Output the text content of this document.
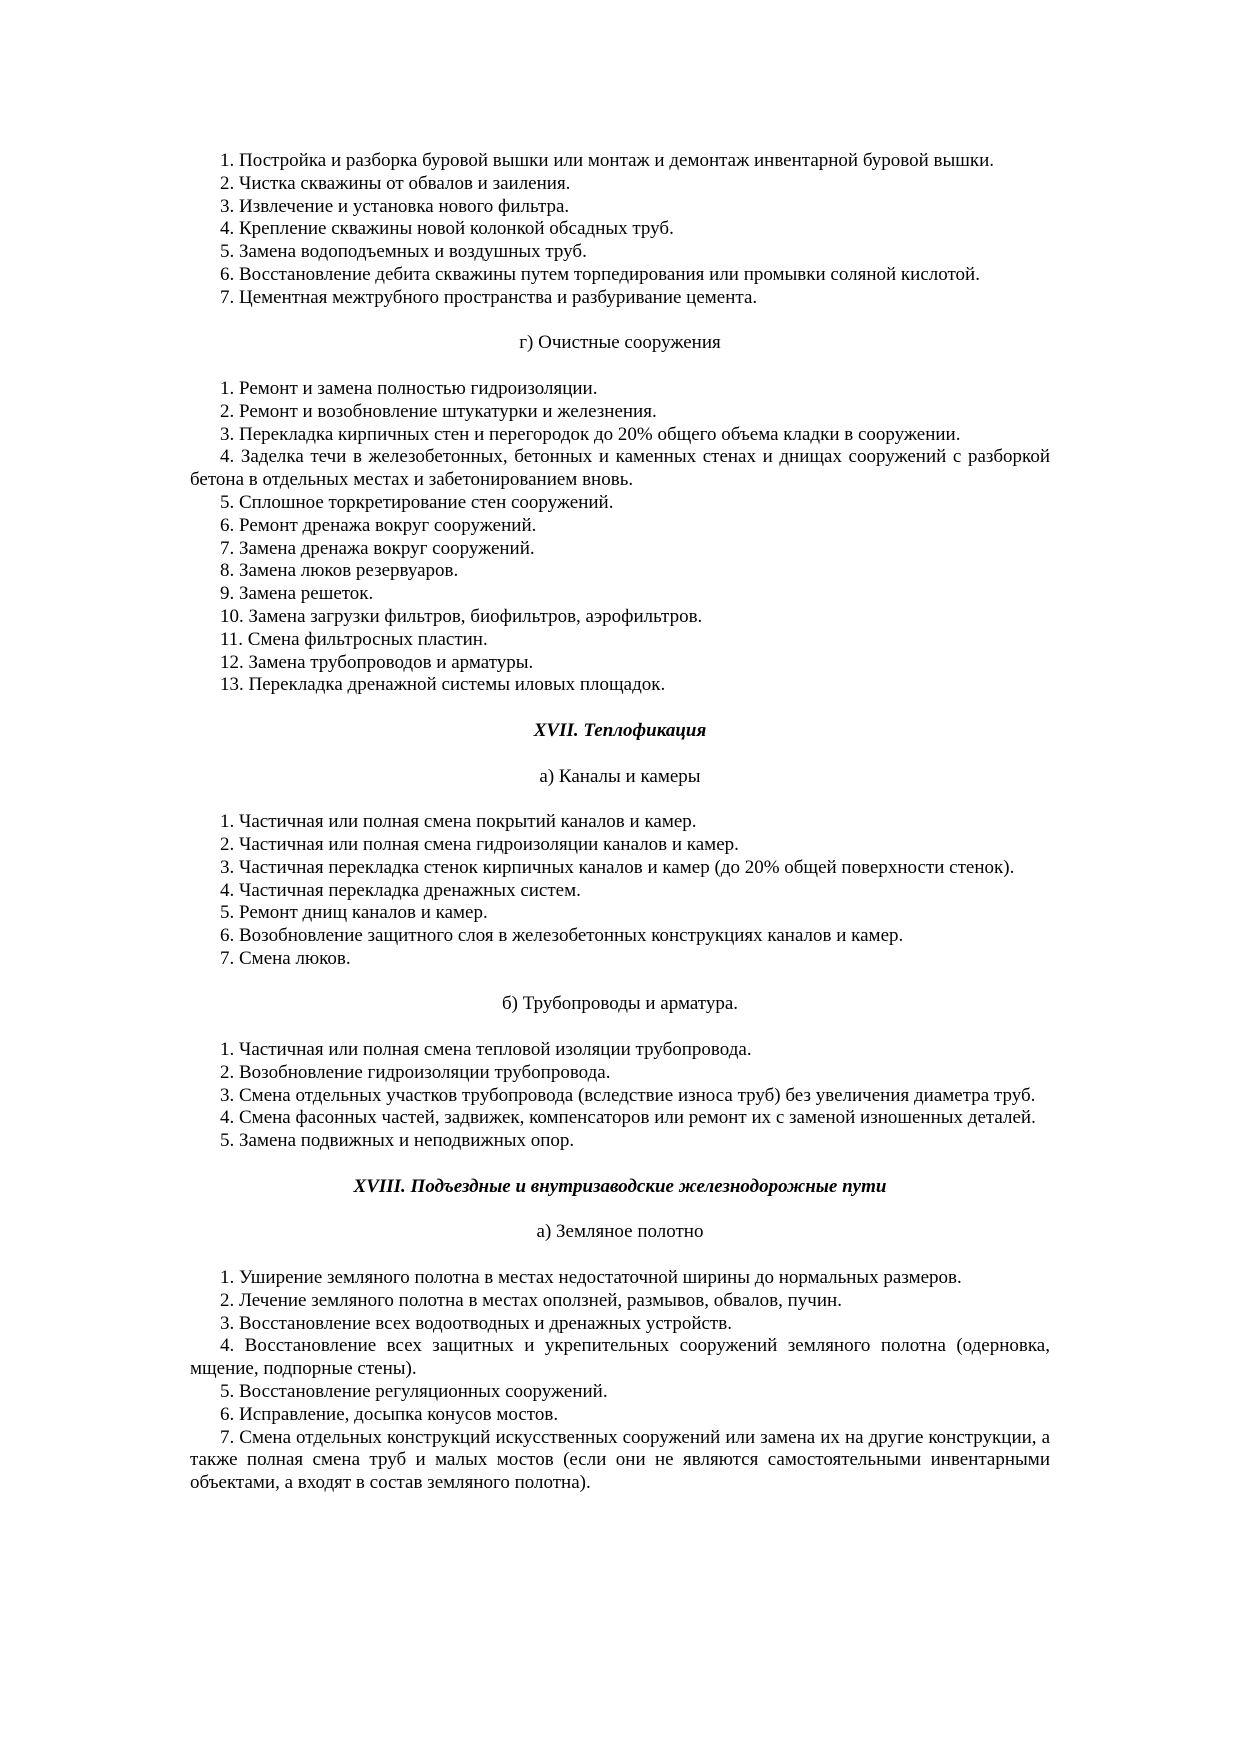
1. Постройка и разборка буровой вышки или монтаж и демонтаж инвентарной буровой вышки.

2. Чистка скважины от обвалов и заиления.

3. Извлечение и установка нового фильтра.

4. Крепление скважины новой колонкой обсадных труб.

5. Замена водоподъемных и воздушных труб.

6. Восстановление дебита скважины путем торпедирования или промывки соляной кислотой.

7. Цементная межтрубного пространства и разбуривание цемента.

г) Очистные сооружения

1. Ремонт и замена полностью гидроизоляции.

2. Ремонт и возобновление штукатурки и железнения.

3. Перекладка кирпичных стен и перегородок до 20% общего объема кладки в сооружении.

4. Заделка течи в железобетонных, бетонных и каменных стенах и днищах сооружений с разборкой бетона в отдельных местах и забетонированием вновь.

5. Сплошное торкретирование стен сооружений.

6. Ремонт дренажа вокруг сооружений.

7. Замена дренажа вокруг сооружений.

8. Замена люков резервуаров.

9. Замена решеток.

10. Замена загрузки фильтров, биофильтров, аэрофильтров.

11. Смена фильтросных пластин.

12. Замена трубопроводов и арматуры.

13. Перекладка дренажной системы иловых площадок.

XVII. Теплофикация

а) Каналы и камеры

1. Частичная или полная смена покрытий каналов и камер.

2. Частичная или полная смена гидроизоляции каналов и камер.

3. Частичная перекладка стенок кирпичных каналов и камер (до 20% общей поверхности стенок).

4. Частичная перекладка дренажных систем.

5. Ремонт днищ каналов и камер.

6. Возобновление защитного слоя в железобетонных конструкциях каналов и камер.

7. Смена люков.

б) Трубопроводы и арматура.

1. Частичная или полная смена тепловой изоляции трубопровода.

2. Возобновление гидроизоляции трубопровода.

3. Смена отдельных участков трубопровода (вследствие износа труб) без увеличения диаметра труб.

4. Смена фасонных частей, задвижек, компенсаторов или ремонт их с заменой изношенных деталей.

5. Замена подвижных и неподвижных опор.

XVIII. Подъездные и внутризаводские железнодорожные пути

а) Земляное полотно

1. Уширение земляного полотна в местах недостаточной ширины до нормальных размеров.

2. Лечение земляного полотна в местах оползней, размывов, обвалов, пучин.

3. Восстановление всех водоотводных и дренажных устройств.

4. Восстановление всех защитных и укрепительных сооружений земляного полотна (одерновка, мщение, подпорные стены).

5. Восстановление регуляционных сооружений.

6. Исправление, досыпка конусов мостов.

7. Смена отдельных конструкций искусственных сооружений или замена их на другие конструкции, а также полная смена труб и малых мостов (если они не являются самостоятельными инвентарными объектами, а входят в состав земляного полотна).
